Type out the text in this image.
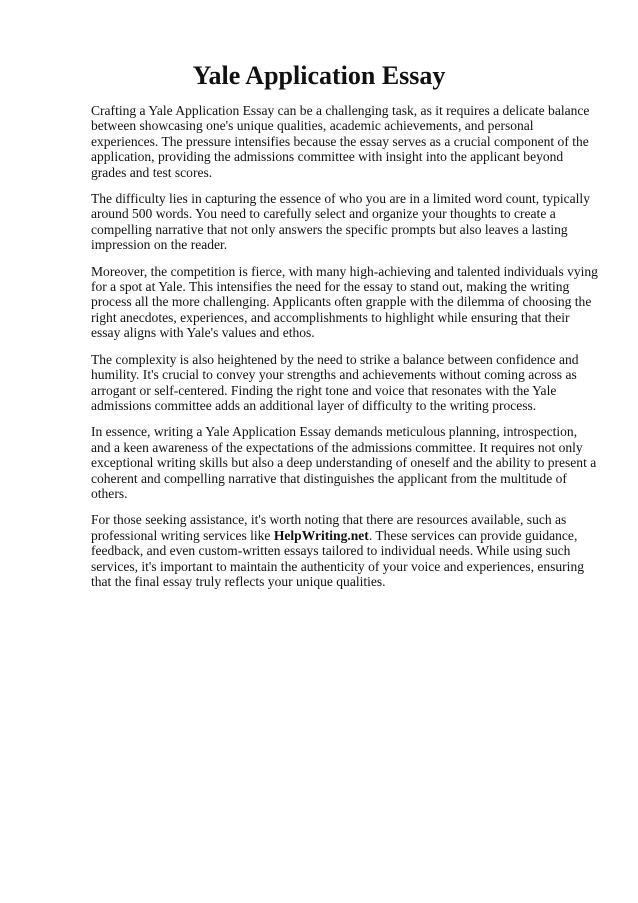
Yale Application Essay

Crafting a Yale Application Essay can be a challenging task, as it requires a delicate balance between showcasing one's unique qualities, academic achievements, and personal experiences. The pressure intensifies because the essay serves as a crucial component of the application, providing the admissions committee with insight into the applicant beyond grades and test scores.

The difficulty lies in capturing the essence of who you are in a limited word count, typically around 500 words. You need to carefully select and organize your thoughts to create a compelling narrative that not only answers the specific prompts but also leaves a lasting impression on the reader.

Moreover, the competition is fierce, with many high-achieving and talented individuals vying for a spot at Yale. This intensifies the need for the essay to stand out, making the writing process all the more challenging. Applicants often grapple with the dilemma of choosing the right anecdotes, experiences, and accomplishments to highlight while ensuring that their essay aligns with Yale's values and ethos.

The complexity is also heightened by the need to strike a balance between confidence and humility. It's crucial to convey your strengths and achievements without coming across as arrogant or self-centered. Finding the right tone and voice that resonates with the Yale admissions committee adds an additional layer of difficulty to the writing process.

In essence, writing a Yale Application Essay demands meticulous planning, introspection, and a keen awareness of the expectations of the admissions committee. It requires not only exceptional writing skills but also a deep understanding of oneself and the ability to present a coherent and compelling narrative that distinguishes the applicant from the multitude of others.

For those seeking assistance, it's worth noting that there are resources available, such as professional writing services like HelpWriting.net. These services can provide guidance, feedback, and even custom-written essays tailored to individual needs. While using such services, it's important to maintain the authenticity of your voice and experiences, ensuring that the final essay truly reflects your unique qualities.
